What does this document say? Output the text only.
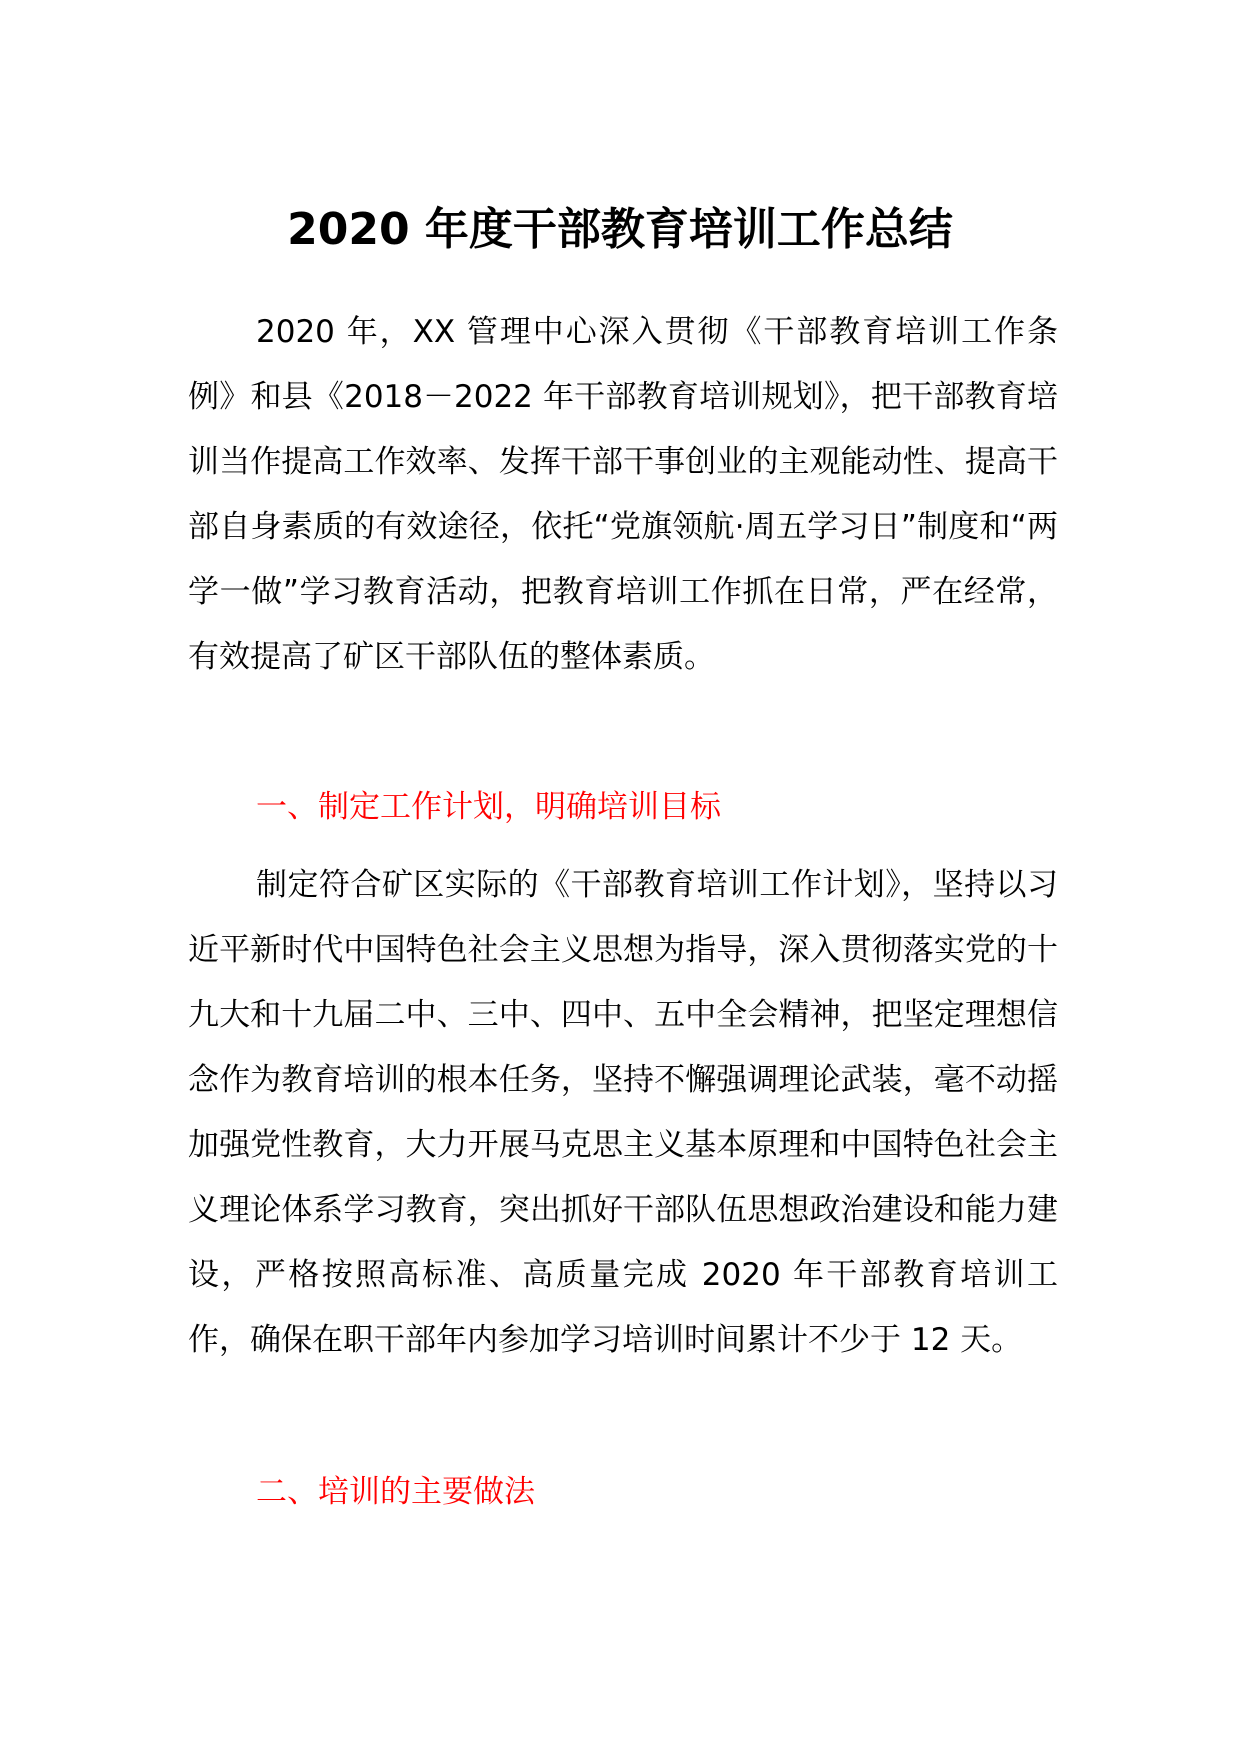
2020 年度干部教育培训工作总结

2020 年，XX 管理中心深入贯彻《干部教育培训工作条例》和县《2018－2022 年干部教育培训规划》，把干部教育培训当作提高工作效率、发挥干部干事创业的主观能动性、提高干部自身素质的有效途径，依托“党旗领航·周五学习日”制度和“两学一做”学习教育活动，把教育培训工作抓在日常，严在经常，有效提高了矿区干部队伍的整体素质。

一、制定工作计划，明确培训目标

制定符合矿区实际的《干部教育培训工作计划》，坚持以习近平新时代中国特色社会主义思想为指导，深入贯彻落实党的十九大和十九届二中、三中、四中、五中全会精神，把坚定理想信念作为教育培训的根本任务，坚持不懈强调理论武装，毫不动摇加强党性教育，大力开展马克思主义基本原理和中国特色社会主义理论体系学习教育，突出抓好干部队伍思想政治建设和能力建设，严格按照高标准、高质量完成 2020 年干部教育培训工作，确保在职干部年内参加学习培训时间累计不少于 12 天。

二、培训的主要做法
